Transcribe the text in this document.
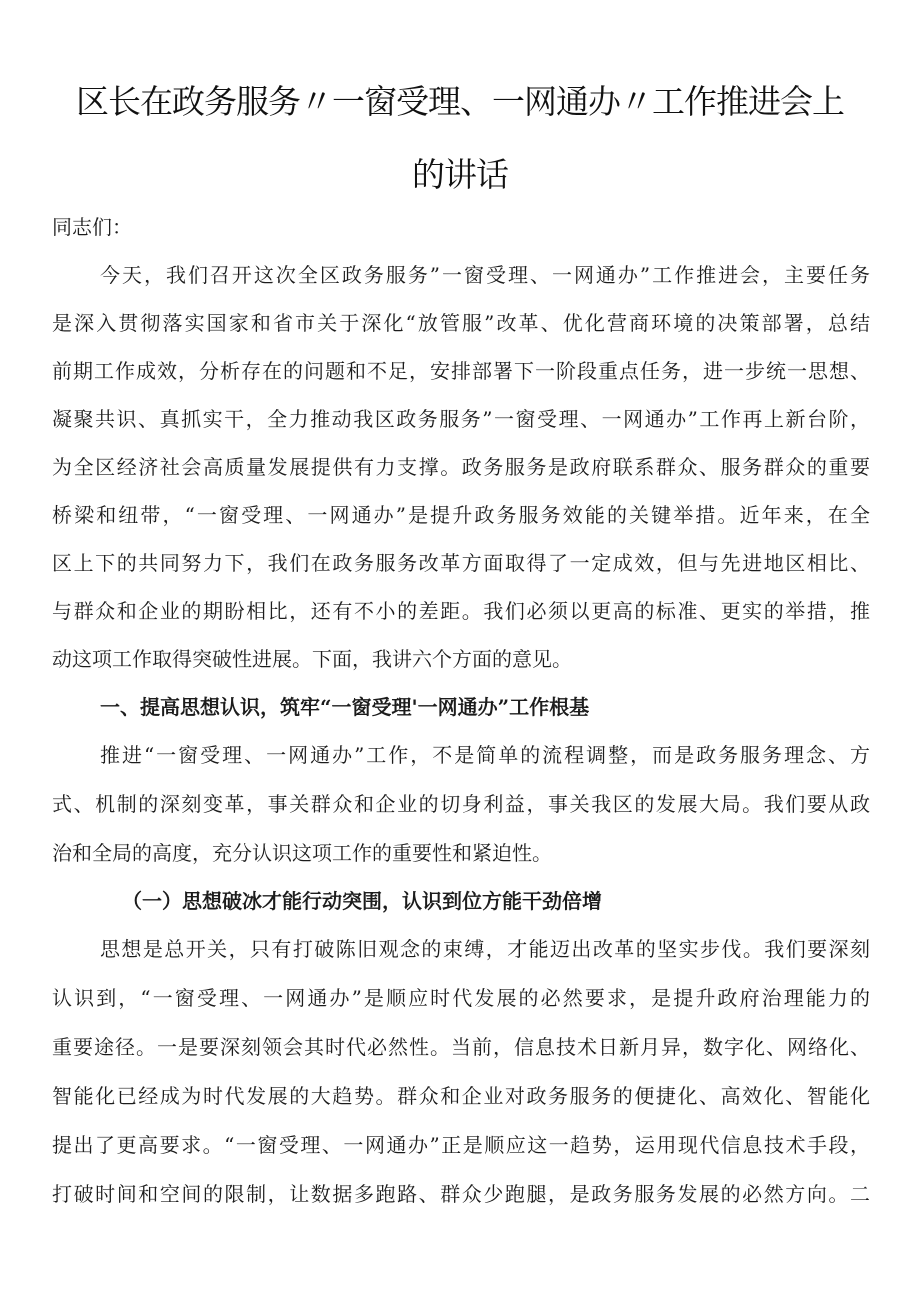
区长在政务服务〃一窗受理、一网通办〃工作推进会上
的讲话
同志们：
今天，我们召开这次全区政务服务”一窗受理、一网通办”工作推进会，主要任务
是深入贯彻落实国家和省市关于深化“放管服”改革、优化营商环境的决策部署，总结
前期工作成效，分析存在的问题和不足，安排部署下一阶段重点任务，进一步统一思想、
凝聚共识、真抓实干，全力推动我区政务服务”一窗受理、一网通办”工作再上新台阶，
为全区经济社会高质量发展提供有力支撑。政务服务是政府联系群众、服务群众的重要
桥梁和纽带，“一窗受理、一网通办”是提升政务服务效能的关键举措。近年来，在全
区上下的共同努力下，我们在政务服务改革方面取得了一定成效，但与先进地区相比、
与群众和企业的期盼相比，还有不小的差距。我们必须以更高的标准、更实的举措，推
动这项工作取得突破性进展。下面，我讲六个方面的意见。
一、提高思想认识，筑牢“一窗受理'一网通办”工作根基
推进“一窗受理、一网通办”工作，不是简单的流程调整，而是政务服务理念、方
式、机制的深刻变革，事关群众和企业的切身利益，事关我区的发展大局。我们要从政
治和全局的高度，充分认识这项工作的重要性和紧迫性。
（一）思想破冰才能行动突围，认识到位方能干劲倍增
思想是总开关，只有打破陈旧观念的束缚，才能迈出改革的坚实步伐。我们要深刻
认识到，“一窗受理、一网通办”是顺应时代发展的必然要求，是提升政府治理能力的
重要途径。一是要深刻领会其时代必然性。当前，信息技术日新月异，数字化、网络化、
智能化已经成为时代发展的大趋势。群众和企业对政务服务的便捷化、高效化、智能化
提出了更高要求。“一窗受理、一网通办”正是顺应这一趋势，运用现代信息技术手段，
打破时间和空间的限制，让数据多跑路、群众少跑腿，是政务服务发展的必然方向。二
